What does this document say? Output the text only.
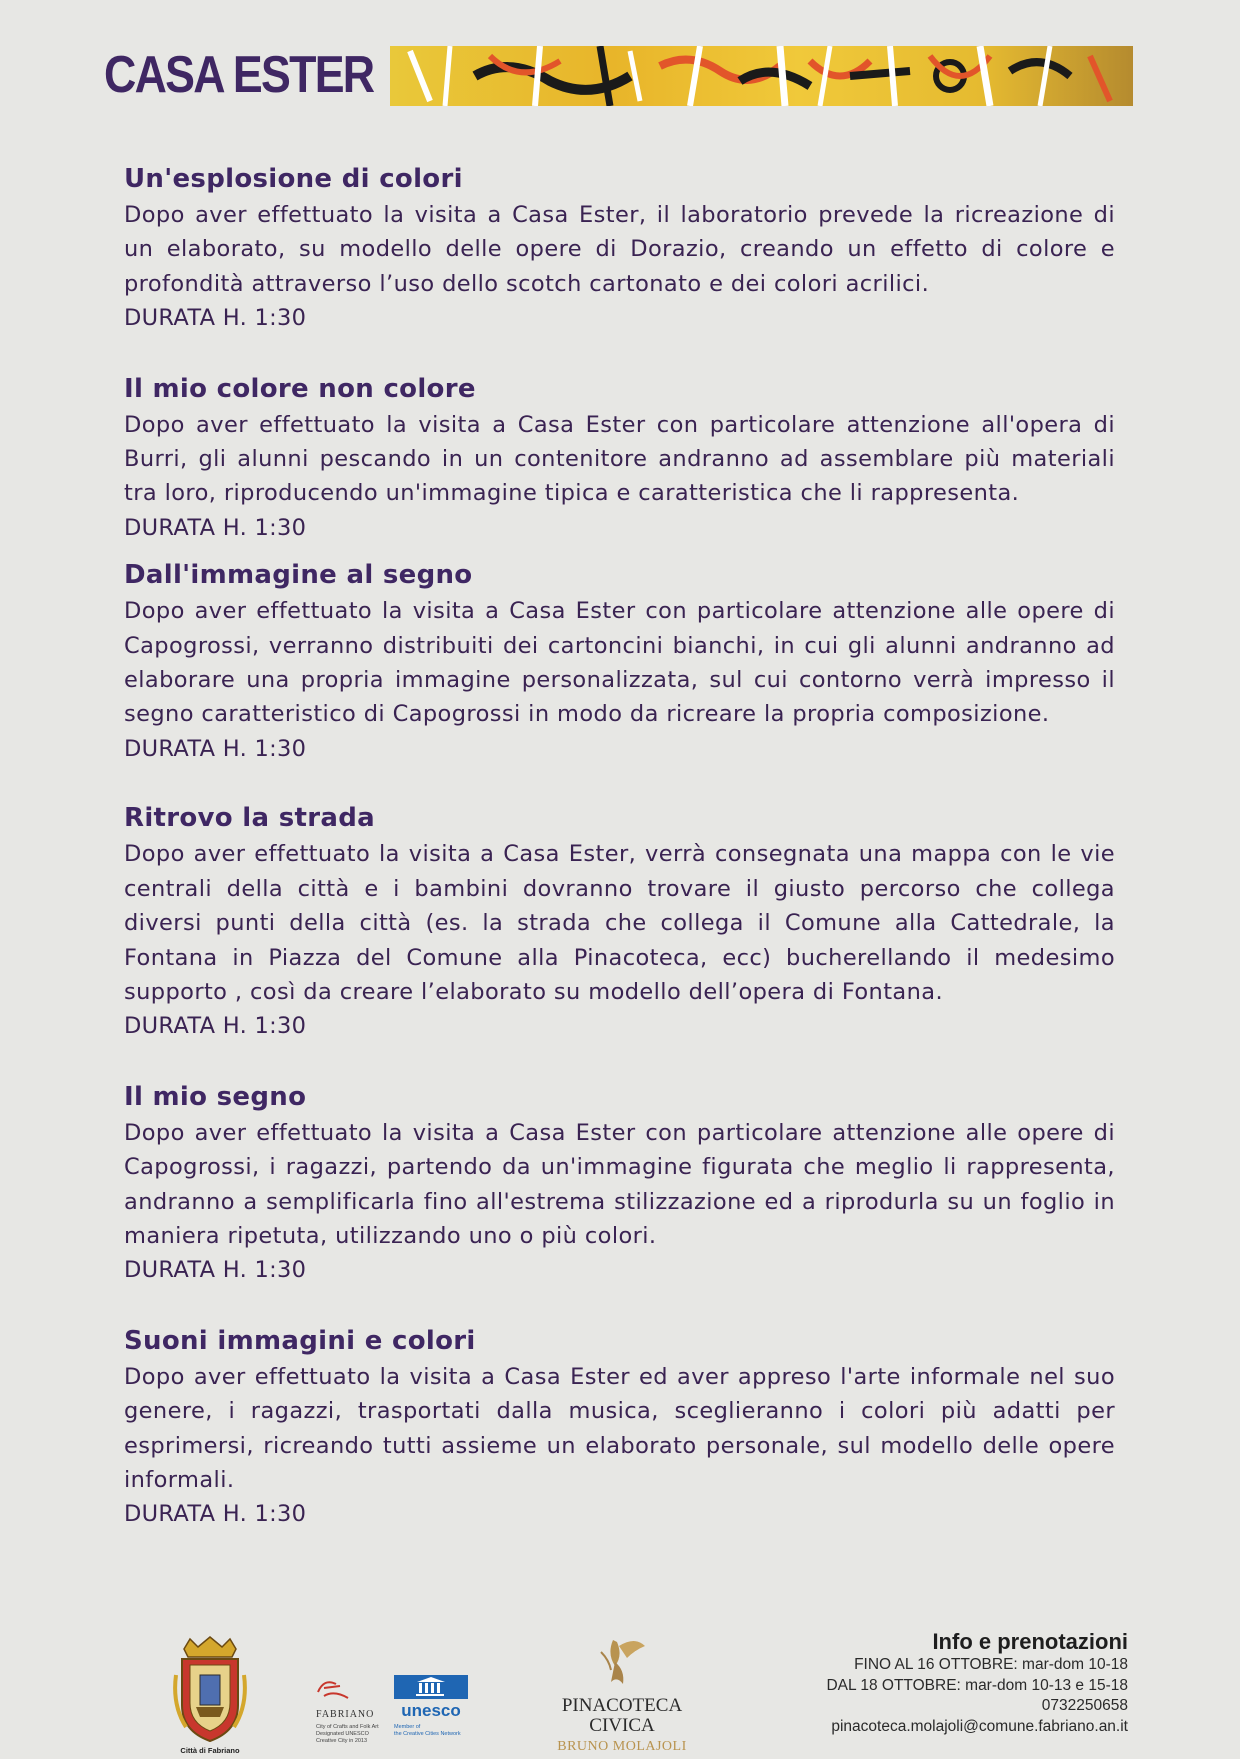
CASA ESTER
Un'esplosione di colori

Dopo aver effettuato la visita a Casa Ester, il laboratorio prevede la ricreazione di un elaborato, su modello delle opere di Dorazio, creando un effetto di colore e profondità attraverso l’uso dello scotch cartonato e dei colori acrilici.

DURATA H. 1:30
Il mio colore non colore

Dopo aver effettuato la visita a Casa Ester con particolare attenzione all'opera di Burri, gli alunni pescando in un contenitore andranno ad assemblare più materiali tra loro, riproducendo un'immagine tipica e caratteristica che li rappresenta.

DURATA H. 1:30
Dall'immagine al segno

Dopo aver effettuato la visita a Casa Ester con particolare attenzione alle opere di Capogrossi, verranno distribuiti dei cartoncini bianchi, in cui gli alunni andranno ad elaborare una propria immagine personalizzata, sul cui contorno verrà impresso il segno caratteristico di Capogrossi in modo da ricreare la propria composizione.

DURATA H. 1:30
Ritrovo la strada

Dopo aver effettuato la visita a Casa Ester, verrà consegnata una mappa con le vie centrali della città e i bambini dovranno trovare il giusto percorso che collega diversi punti della città (es. la strada che collega il Comune alla Cattedrale, la Fontana in Piazza del Comune alla Pinacoteca, ecc) bucherellando il medesimo supporto , così da creare l’elaborato su modello dell’opera di Fontana.

DURATA H. 1:30
Il mio segno

Dopo aver effettuato la visita a Casa Ester con particolare attenzione alle opere di Capogrossi, i ragazzi, partendo da un'immagine figurata che meglio li rappresenta, andranno a semplificarla fino all'estrema stilizzazione ed a riprodurla su un foglio in maniera ripetuta, utilizzando uno o più colori.

DURATA H. 1:30
Suoni immagini e colori

Dopo aver effettuato la visita a Casa Ester ed aver appreso l'arte informale nel suo genere, i ragazzi, trasportati dalla musica, sceglieranno i colori più adatti per esprimersi, ricreando tutti assieme un elaborato personale, sul modello delle opere informali.

DURATA H. 1:30
Città di Fabriano
FABRIANO
City of Crafts and Folk Art
Designated UNESCO
Creative City in 2013
unesco
Member of
the Creative Cities Network
PINACOTECA
CIVICA
BRUNO MOLAJOLI
Info e prenotazioni
FINO AL 16 OTTOBRE: mar-dom 10-18
DAL 18 OTTOBRE: mar-dom 10-13 e 15-18
0732250658
pinacoteca.molajoli@comune.fabriano.an.it
